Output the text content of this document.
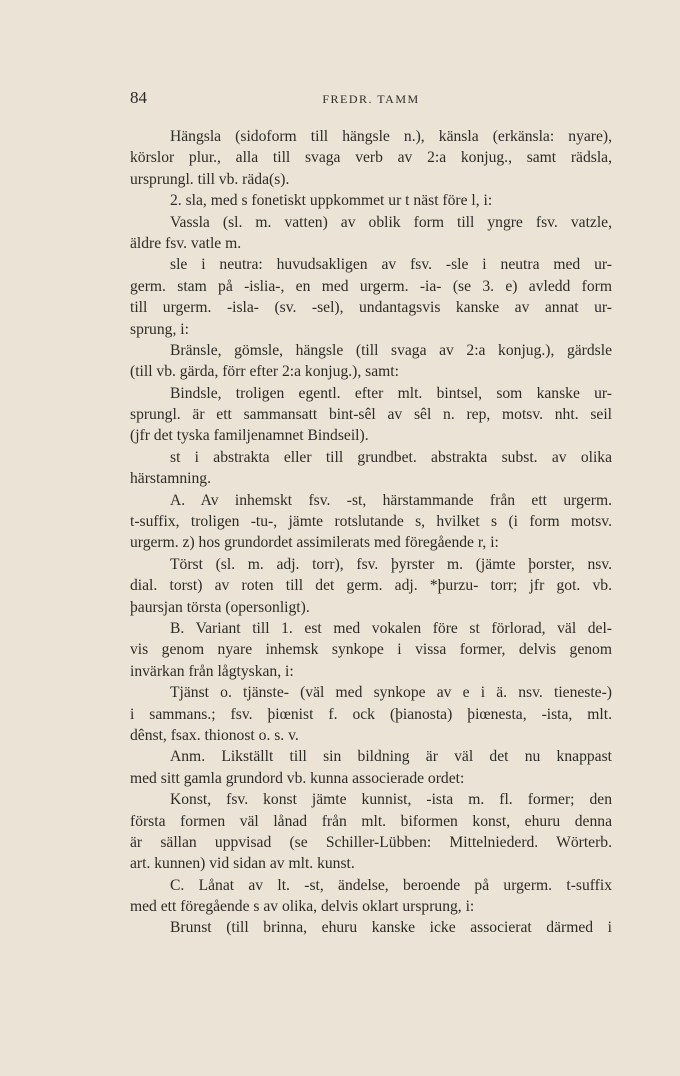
84	FREDR. TAMM
Hängsla (sidoform till hängsle n.), känsla (erkänsla: nyare),
körslor plur., alla till svaga verb av 2:a konjug., samt rädsla,
ursprungl. till vb. räda(s).
2. sla, med s fonetiskt uppkommet ur t näst före l, i:
Vassla (sl. m. vatten) av oblik form till yngre fsv. vatzle,
äldre fsv. vatle m.
sle i neutra: huvudsakligen av fsv. -sle i neutra med ur-
germ. stam på -islia-, en med urgerm. -ia- (se 3. e) avledd form
till urgerm. -isla- (sv. -sel), undantagsvis kanske av annat ur-
sprung, i:
Bränsle, gömsle, hängsle (till svaga av 2:a konjug.), gärdsle
(till vb. gärda, förr efter 2:a konjug.), samt:
Bindsle, troligen egentl. efter mlt. bintsel, som kanske ur-
sprungl. är ett sammansatt bint-sêl av sêl n. rep, motsv. nht. seil
(jfr det tyska familjenamnet Bindseil).
st i abstrakta eller till grundbet. abstrakta subst. av olika
härstamning.
A. Av inhemskt fsv. -st, härstammande från ett urgerm.
t-suffix, troligen -tu-, jämte rotslutande s, hvilket s (i form motsv.
urgerm. z) hos grundordet assimilerats med föregående r, i:
Törst (sl. m. adj. torr), fsv. þyrster m. (jämte þorster, nsv.
dial. torst) av roten till det germ. adj. *þurzu- torr; jfr got. vb.
þaursjan törsta (opersonligt).
B. Variant till 1. est med vokalen före st förlorad, väl del-
vis genom nyare inhemsk synkope i vissa former, delvis genom
invärkan från lågtyskan, i:
Tjänst o. tjänste- (väl med synkope av e i ä. nsv. tieneste-)
i sammans.; fsv. þiœnist f. ock (þianosta) þiœnesta, -ista, mlt.
dênst, fsax. thionost o. s. v.
Anm. Likställt till sin bildning är väl det nu knappast
med sitt gamla grundord vb. kunna associerade ordet:
Konst, fsv. konst jämte kunnist, -ista m. fl. former; den
första formen väl lånad från mlt. biformen konst, ehuru denna
är sällan uppvisad (se Schiller-Lübben: Mittelniederd. Wörterb.
art. kunnen) vid sidan av mlt. kunst.
C. Lånat av lt. -st, ändelse, beroende på urgerm. t-suffix
med ett föregående s av olika, delvis oklart ursprung, i:
Brunst (till brinna, ehuru kanske icke associerat därmed i
